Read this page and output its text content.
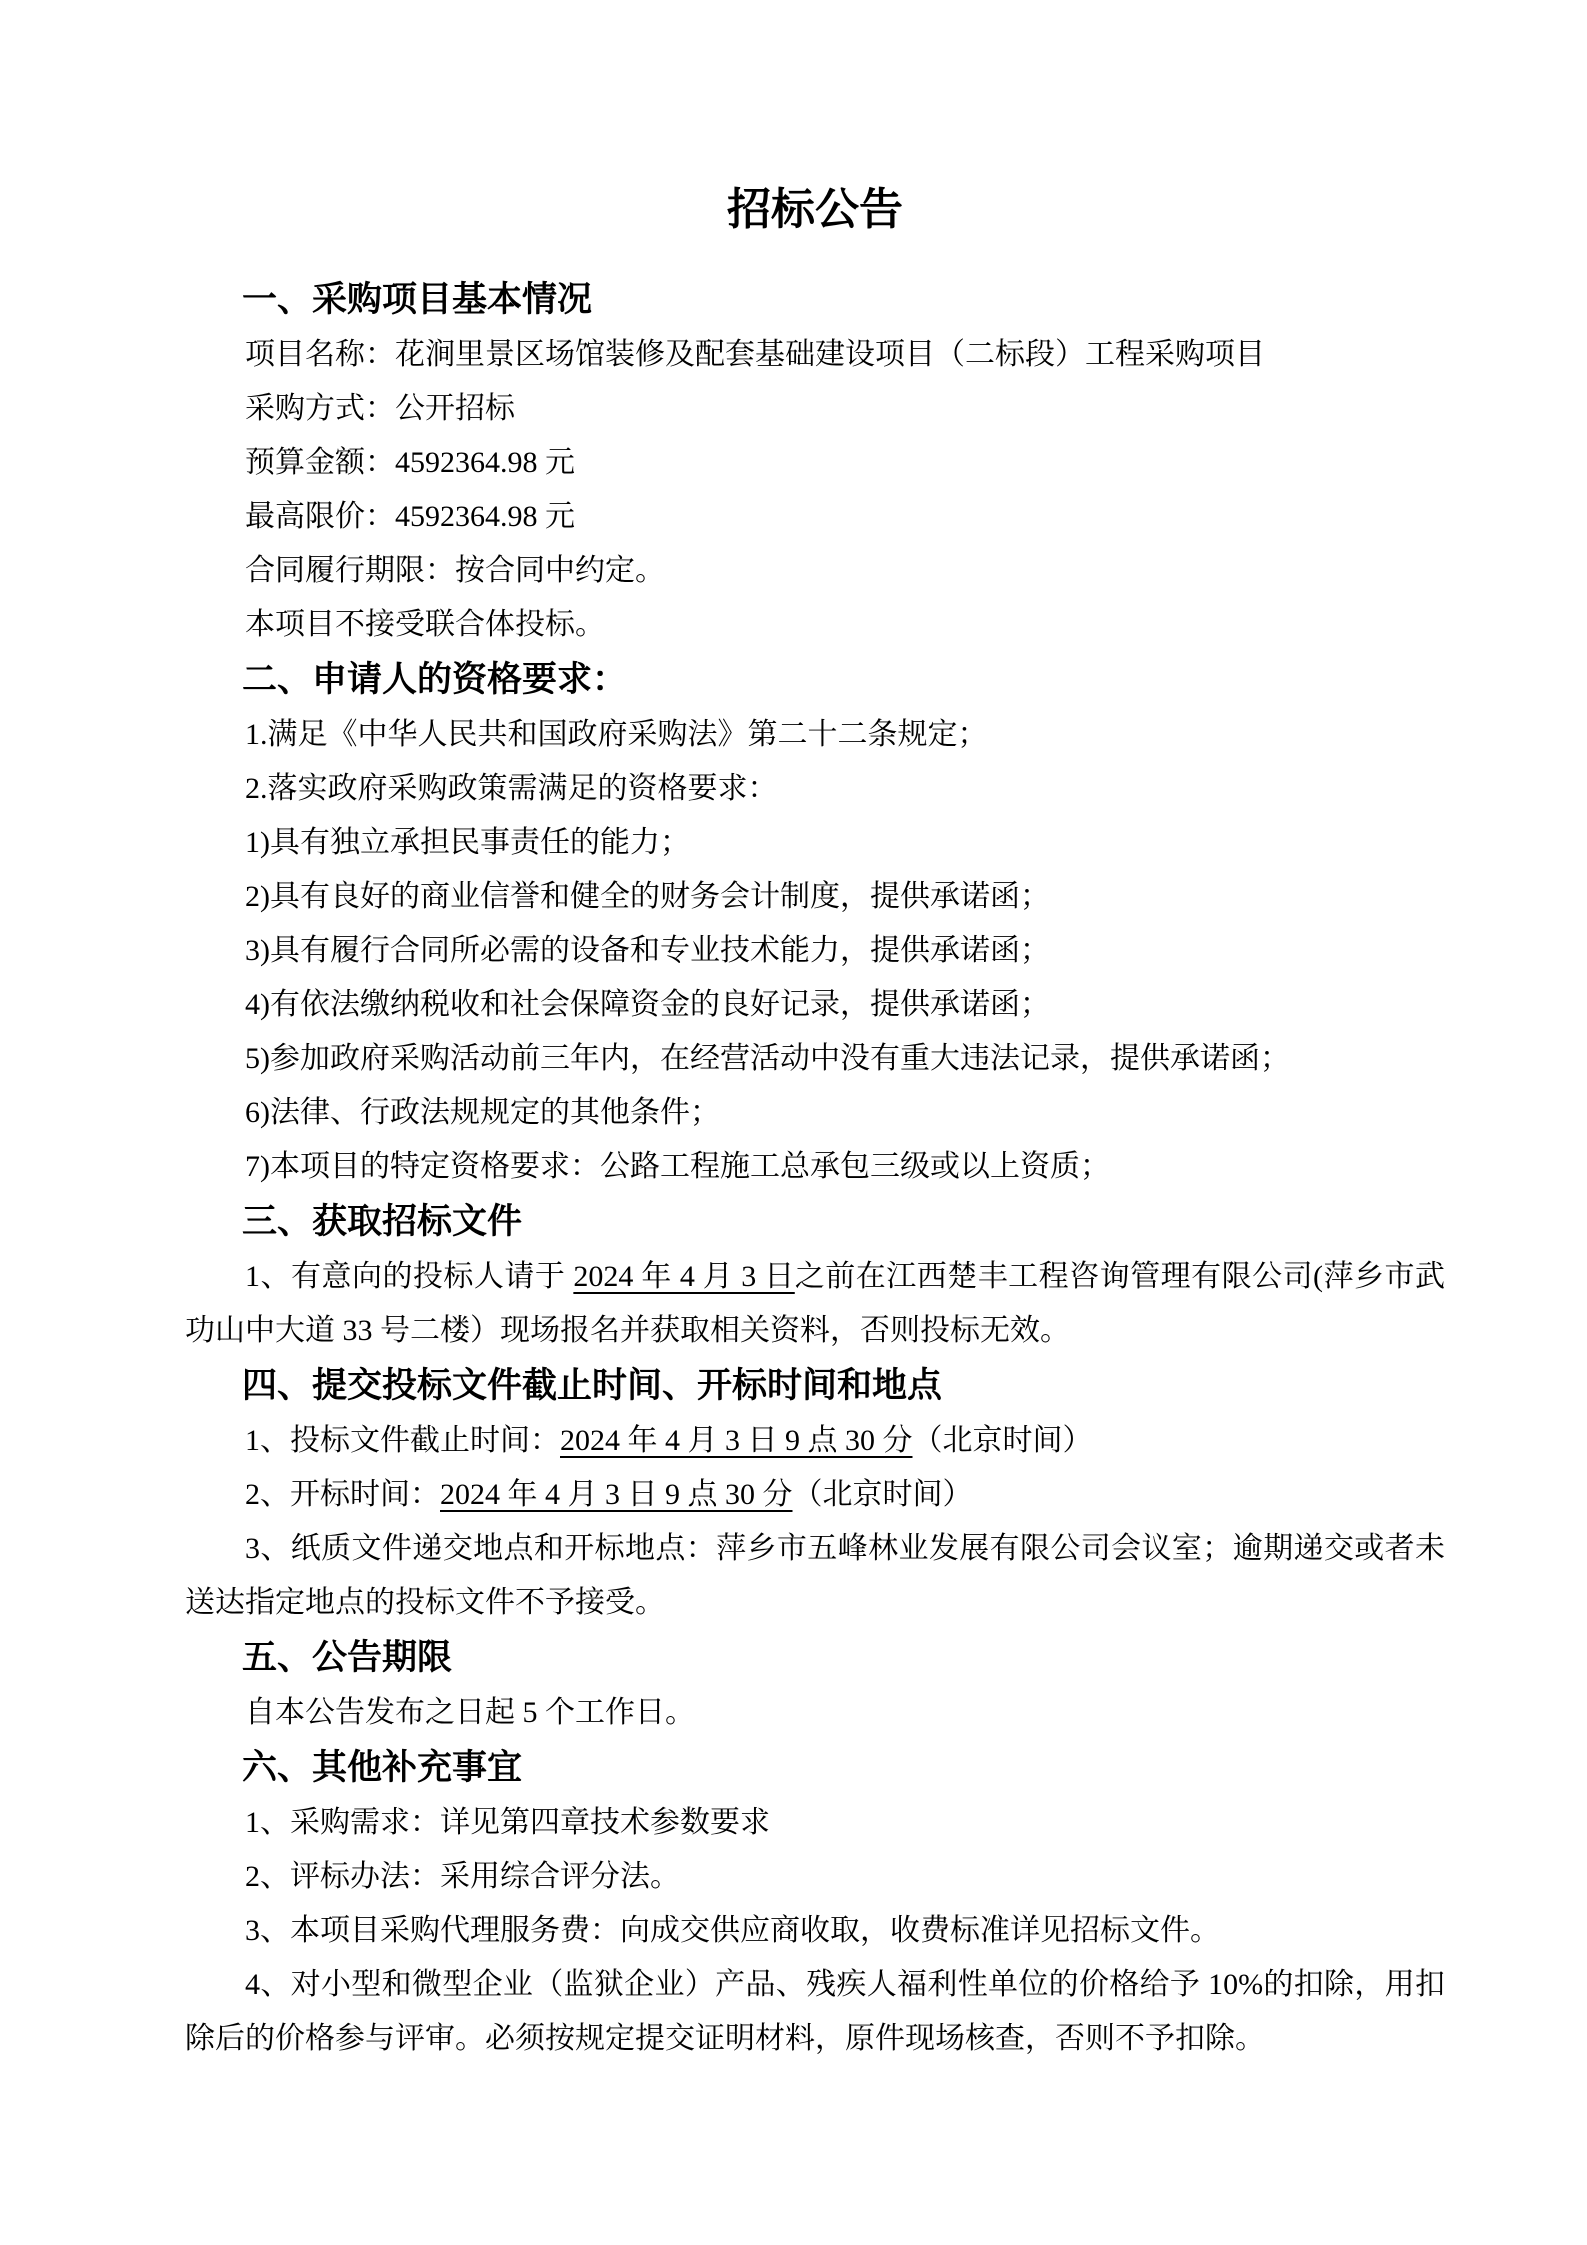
招标公告

一、采购项目基本情况

项目名称：花涧里景区场馆装修及配套基础建设项目（二标段）工程采购项目

采购方式：公开招标

预算金额：4592364.98 元

最高限价：4592364.98 元

合同履行期限：按合同中约定。

本项目不接受联合体投标。

二、申请人的资格要求：

1.满足《中华人民共和国政府采购法》第二十二条规定；

2.落实政府采购政策需满足的资格要求：

1)具有独立承担民事责任的能力；

2)具有良好的商业信誉和健全的财务会计制度，提供承诺函；

3)具有履行合同所必需的设备和专业技术能力，提供承诺函；

4)有依法缴纳税收和社会保障资金的良好记录，提供承诺函；

5)参加政府采购活动前三年内，在经营活动中没有重大违法记录，提供承诺函；

6)法律、行政法规规定的其他条件；

7)本项目的特定资格要求：公路工程施工总承包三级或以上资质；

三、获取招标文件

1、有意向的投标人请于 2024 年 4 月 3 日之前在江西楚丰工程咨询管理有限公司(萍乡市武功山中大道 33 号二楼）现场报名并获取相关资料，否则投标无效。

四、提交投标文件截止时间、开标时间和地点

1、投标文件截止时间：2024 年 4 月 3 日 9 点 30 分（北京时间）

2、开标时间：2024 年 4 月 3 日 9 点 30 分（北京时间）

3、纸质文件递交地点和开标地点：萍乡市五峰林业发展有限公司会议室；逾期递交或者未送达指定地点的投标文件不予接受。

五、公告期限

自本公告发布之日起 5 个工作日。

六、其他补充事宜

1、采购需求：详见第四章技术参数要求

2、评标办法：采用综合评分法。

3、本项目采购代理服务费：向成交供应商收取，收费标准详见招标文件。

4、对小型和微型企业（监狱企业）产品、残疾人福利性单位的价格给予 10%的扣除，用扣除后的价格参与评审。必须按规定提交证明材料，原件现场核查，否则不予扣除。
